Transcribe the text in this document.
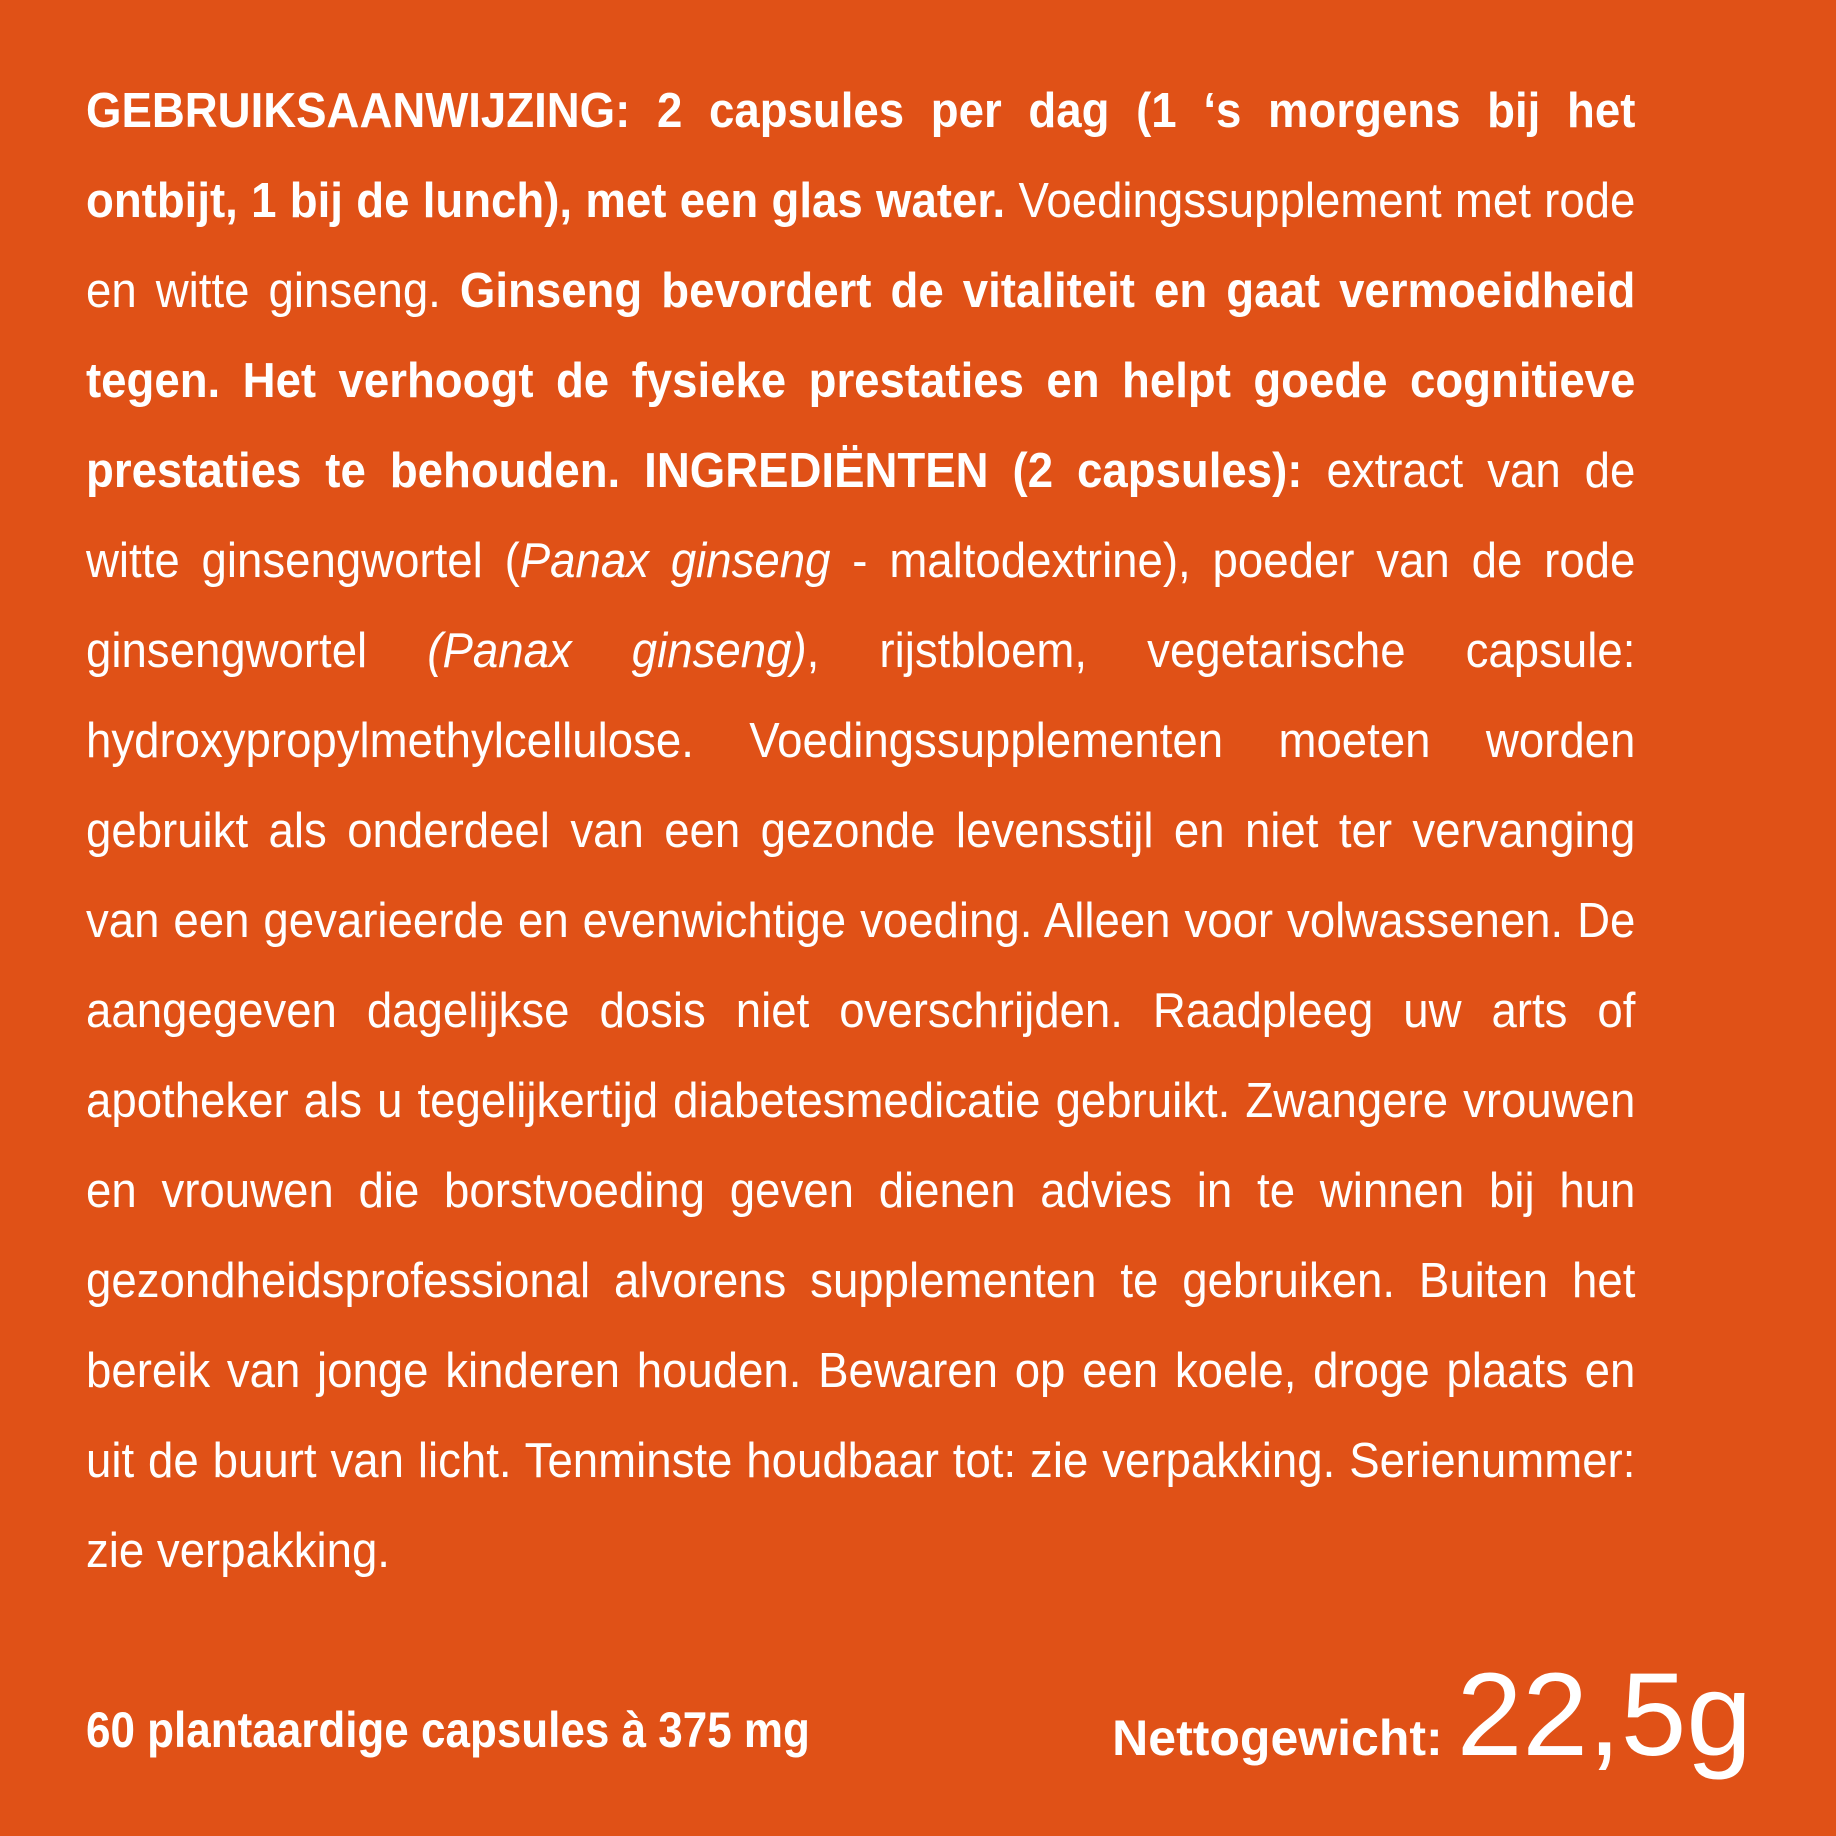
GEBRUIKSAANWIJZING: 2 capsules per dag (1 ‘s morgens bij het ontbijt, 1 bij de lunch), met een glas water. Voedingssupplement met rode en witte ginseng. Ginseng bevordert de vitaliteit en gaat vermoeidheid tegen. Het verhoogt de fysieke prestaties en helpt goede cognitieve prestaties te behouden. INGREDIËNTEN (2 capsules): extract van de witte ginsengwortel (Panax ginseng - maltodextrine), poeder van de rode ginsengwortel (Panax ginseng), rijstbloem, vegetarische capsule: hydroxypropylmethylcellulose. Voedingssupplementen moeten worden gebruikt als onderdeel van een gezonde levensstijl en niet ter vervanging van een gevarieerde en evenwichtige voeding. Alleen voor volwassenen. De aangegeven dagelijkse dosis niet overschrijden. Raadpleeg uw arts of apotheker als u tegelijkertijd diabetesmedicatie gebruikt. Zwangere vrouwen en vrouwen die borstvoeding geven dienen advies in te winnen bij hun gezondheidsprofessional alvorens supplementen te gebruiken. Buiten het bereik van jonge kinderen houden. Bewaren op een koele, droge plaats en uit de buurt van licht. Tenminste houdbaar tot: zie verpakking. Serienummer: zie verpakking.
60 plantaardige capsules à 375 mg	Nettogewicht: 22,5g
